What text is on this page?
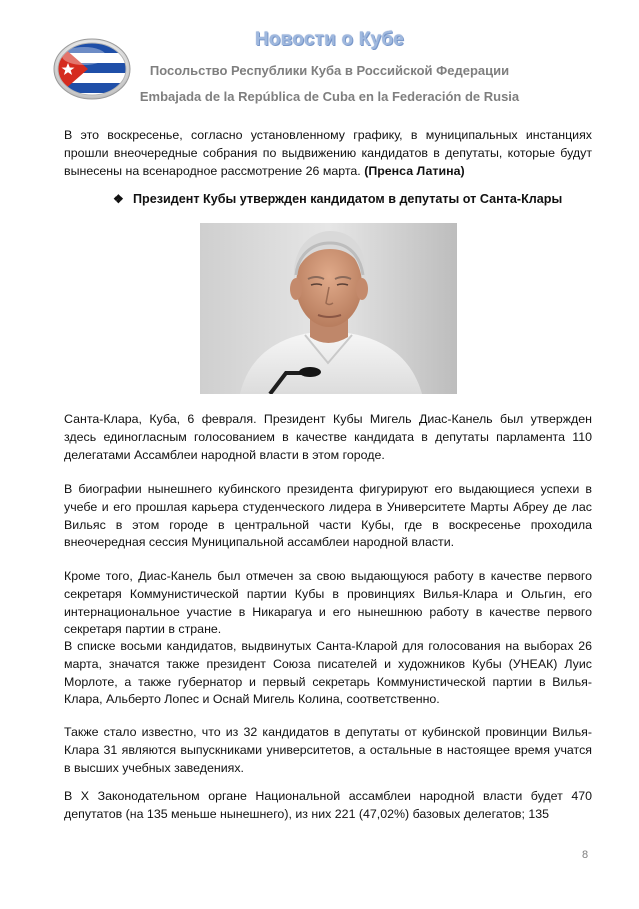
Новости о Кубе
Посольство Республики Куба в Российской Федерации
Embajada de la República de Cuba en la Federación de Rusia

В это воскресенье, согласно установленному графику, в муниципальных инстанциях прошли внеочередные собрания по выдвижению кандидатов в депутаты, которые будут вынесены на всенародное рассмотрение 26 марта. (Пренса Латина)

❖ Президент Кубы утвержден кандидатом в депутаты от Санта-Клары

Санта-Клара, Куба, 6 февраля. Президент Кубы Мигель Диас-Канель был утвержден здесь единогласным голосованием в качестве кандидата в депутаты парламента 110 делегатами Ассамблеи народной власти в этом городе.

В биографии нынешнего кубинского президента фигурируют его выдающиеся успехи в учебе и его прошлая карьера студенческого лидера в Университете Марты Абреу де лас Вильяс в этом городе в центральной части Кубы, где в воскресенье проходила внеочередная сессия Муниципальной ассамблеи народной власти.

Кроме того, Диас-Канель был отмечен за свою выдающуюся работу в качестве первого секретаря Коммунистической партии Кубы в провинциях Вилья-Клара и Ольгин, его интернациональное участие в Никарагуа и его нынешнюю работу в качестве первого секретаря партии в стране.

В списке восьми кандидатов, выдвинутых Санта-Кларой для голосования на выборах 26 марта, значатся также президент Союза писателей и художников Кубы (УНЕАК) Луис Морлоте, а также губернатор и первый секретарь Коммунистической партии в Вилья-Клара, Альберто Лопес и Оснай Мигель Колина, соответственно.

Также стало известно, что из 32 кандидатов в депутаты от кубинской провинции Вилья-Клара 31 являются выпускниками университетов, а остальные в настоящее время учатся в высших учебных заведениях.

В X Законодательном органе Национальной ассамблеи народной власти будет 470 депутатов (на 135 меньше нынешнего), из них 221 (47,02%) базовых делегатов; 135

8
